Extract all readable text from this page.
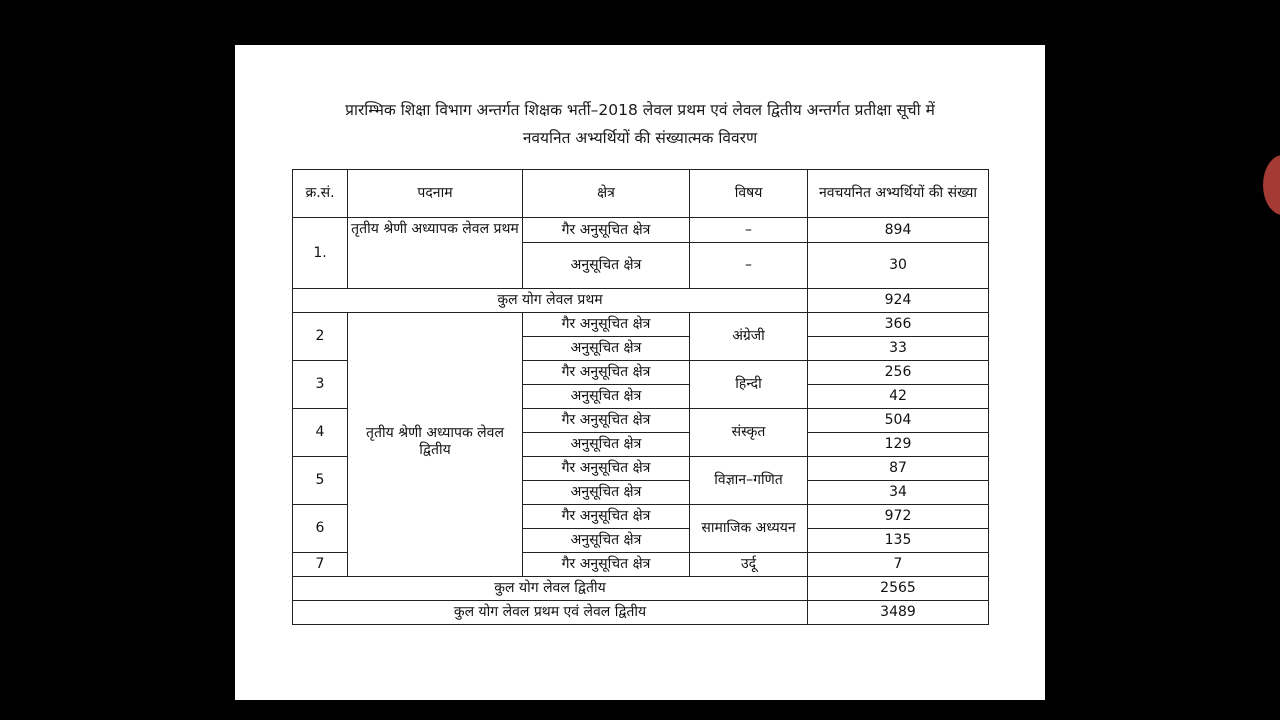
प्रारम्भिक शिक्षा विभाग अन्तर्गत शिक्षक भर्ती–2018 लेवल प्रथम एवं लेवल द्वितीय अन्तर्गत प्रतीक्षा सूची में
नवयनित अभ्यर्थियों की संख्यात्मक विवरण
क्र.सं.	पदनाम	क्षेत्र	विषय	नवचयनित अभ्यर्थियों की संख्या
1.	तृतीय श्रेणी अध्यापक लेवल प्रथम	गैर अनुसूचित क्षेत्र	–	894
		अनुसूचित क्षेत्र	–	30
कुल योग लेवल प्रथम				924
2	तृतीय श्रेणी अध्यापक लेवल द्वितीय	गैर अनुसूचित क्षेत्र	अंग्रेजी	366
		अनुसूचित क्षेत्र		33
3		गैर अनुसूचित क्षेत्र	हिन्दी	256
		अनुसूचित क्षेत्र		42
4		गैर अनुसूचित क्षेत्र	संस्कृत	504
		अनुसूचित क्षेत्र		129
5		गैर अनुसूचित क्षेत्र	विज्ञान–गणित	87
		अनुसूचित क्षेत्र		34
6		गैर अनुसूचित क्षेत्र	सामाजिक अध्ययन	972
		अनुसूचित क्षेत्र		135
7		गैर अनुसूचित क्षेत्र	उर्दू	7
कुल योग लेवल द्वितीय				2565
कुल योग लेवल प्रथम एवं लेवल द्वितीय				3489
